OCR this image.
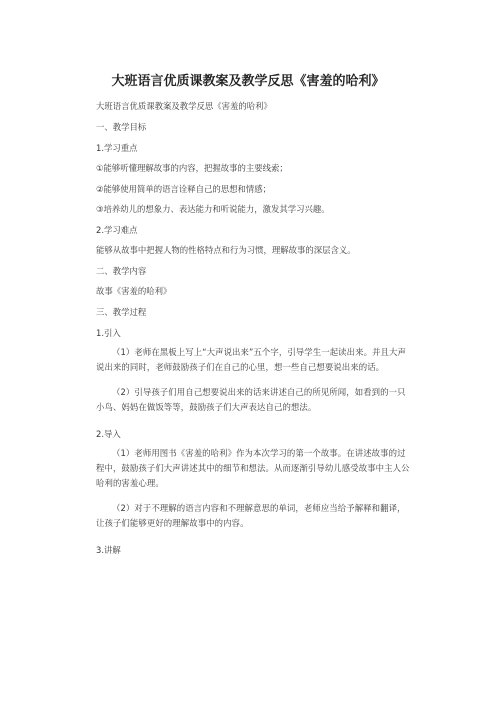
大班语言优质课教案及教学反思《害羞的哈利》
大班语言优质课教案及教学反思《害羞的哈利》
一、教学目标
1.学习重点
①能够听懂理解故事的内容，把握故事的主要线索；
②能够使用简单的语言诠释自己的思想和情感；
③培养幼儿的想象力、表达能力和听说能力，激发其学习兴趣。
2.学习难点
能够从故事中把握人物的性格特点和行为习惯，理解故事的深层含义。
二、教学内容
故事《害羞的哈利》
三、教学过程
1.引入
（1）老师在黑板上写上“大声说出来”五个字，引导学生一起读出来。并且大声说出来的同时，老师鼓励孩子们在自己的心里，想一些自己想要说出来的话。
（2）引导孩子们用自己想要说出来的话来讲述自己的所见所闻，如看到的一只小鸟、妈妈在做饭等等，鼓励孩子们大声表达自己的想法。
2.导入
（1）老师用图书《害羞的哈利》作为本次学习的第一个故事。在讲述故事的过程中，鼓励孩子们大声讲述其中的细节和想法。从而逐渐引导幼儿感受故事中主人公哈利的害羞心理。
（2）对于不理解的语言内容和不理解意思的单词，老师应当给予解释和翻译，让孩子们能够更好的理解故事中的内容。
3.讲解
